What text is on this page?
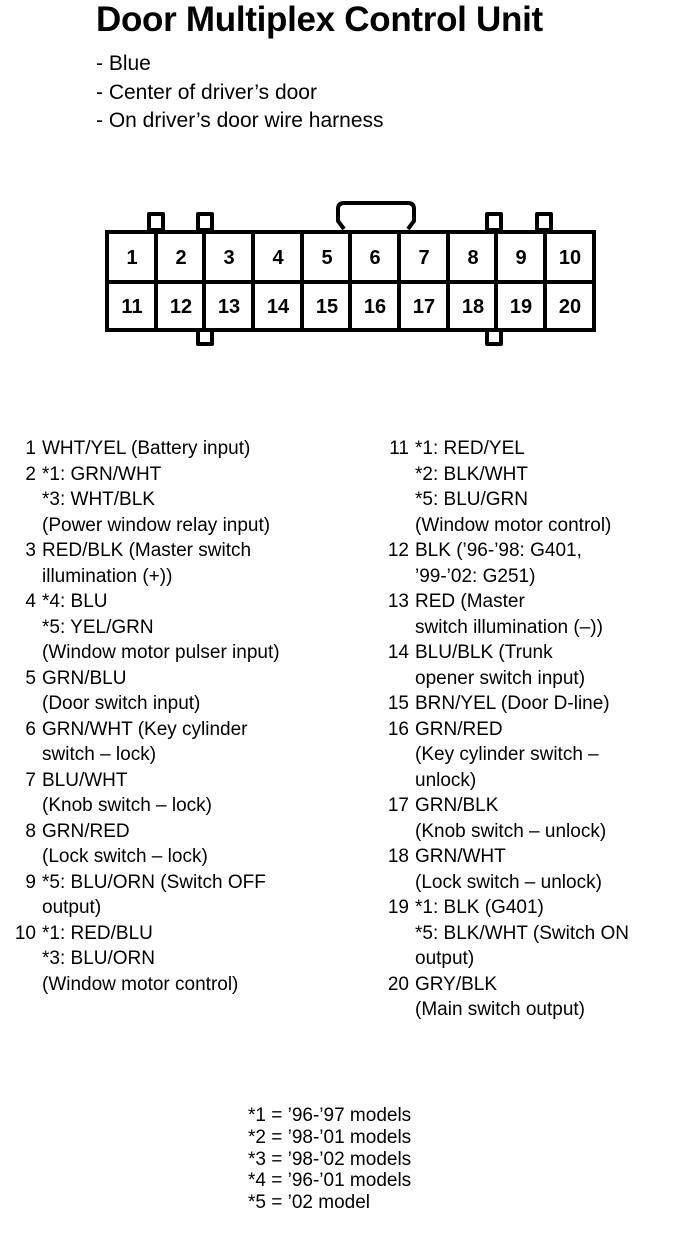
Door Multiplex Control Unit
- Blue
- Center of driver’s door
- On driver’s door wire harness
1	2	3	4	5	6	7	8	9	10
11	12	13	14	15	16	17	18	19	20
1 WHT/YEL (Battery input)
2 *1: GRN/WHT
*3: WHT/BLK
(Power window relay input)
3 RED/BLK (Master switch
illumination (+))
4 *4: BLU
*5: YEL/GRN
(Window motor pulser input)
5 GRN/BLU
(Door switch input)
6 GRN/WHT (Key cylinder
switch – lock)
7 BLU/WHT
(Knob switch – lock)
8 GRN/RED
(Lock switch – lock)
9 *5: BLU/ORN (Switch OFF
output)
10 *1: RED/BLU
*3: BLU/ORN
(Window motor control)
11 *1: RED/YEL
*2: BLK/WHT
*5: BLU/GRN
(Window motor control)
12 BLK (’96-’98: G401,
’99-’02: G251)
13 RED (Master
switch illumination (–))
14 BLU/BLK (Trunk
opener switch input)
15 BRN/YEL (Door D-line)
16 GRN/RED
(Key cylinder switch –
unlock)
17 GRN/BLK
(Knob switch – unlock)
18 GRN/WHT
(Lock switch – unlock)
19 *1: BLK (G401)
*5: BLK/WHT (Switch ON
output)
20 GRY/BLK
(Main switch output)
*1 = ’96-’97 models
*2 = ’98-’01 models
*3 = ’98-’02 models
*4 = ’96-’01 models
*5 = ’02 model
